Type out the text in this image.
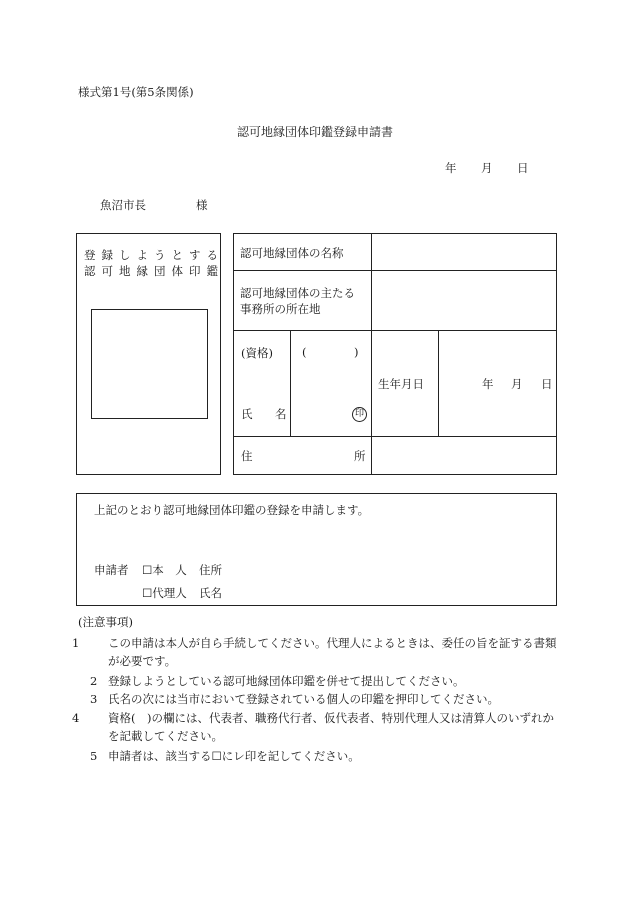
様式第1号(第5条関係)
認可地縁団体印鑑登録申請書
年 月 日
魚沼市長	様
登録しようとする
認可地縁団体印鑑
認可地縁団体の名称
認可地縁団体の主たる
事務所の所在地
(資格)	(	)
氏 名	印
生年月日	年 月 日
住	所
上記のとおり認可地縁団体印鑑の登録を申請します。
申請者 ☐本　人 住所
☐代理人 氏名
(注意事項)
1 この申請は本人が自ら手続してください。代理人によるときは、委任の旨を証する書類が必要です。
2 登録しようとしている認可地縁団体印鑑を併せて提出してください。
3 氏名の次には当市において登録されている個人の印鑑を押印してください。
4 資格(　)の欄には、代表者、職務代行者、仮代表者、特別代理人又は清算人のいずれかを記載してください。
5 申請者は、該当する☐にレ印を記してください。
